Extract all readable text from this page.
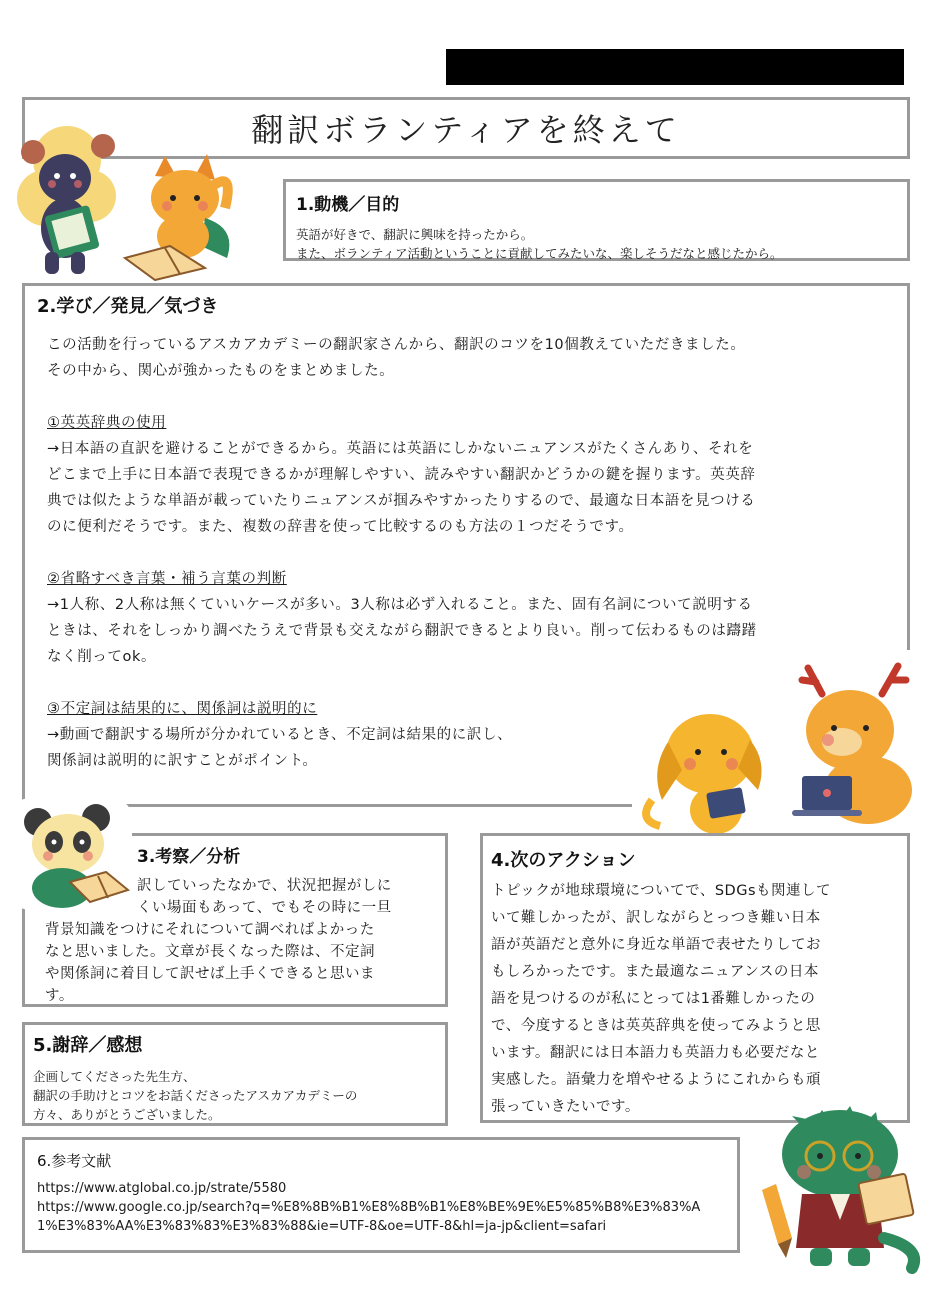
翻訳ボランティアを終えて
1.動機／目的
英語が好きで、翻訳に興味を持ったから。
また、ボランティア活動ということに貢献してみたいな、楽しそうだなと感じたから。
2.学び／発見／気づき

この活動を行っているアスカアカデミーの翻訳家さんから、翻訳のコツを10個教えていただきました。

その中から、関心が強かったものをまとめました。

①英英辞典の使用

→日本語の直訳を避けることができるから。英語には英語にしかないニュアンスがたくさんあり、それを

どこまで上手に日本語で表現できるかが理解しやすい、読みやすい翻訳かどうかの鍵を握ります。英英辞

典では似たような単語が載っていたりニュアンスが掴みやすかったりするので、最適な日本語を見つける

のに便利だそうです。また、複数の辞書を使って比較するのも方法の１つだそうです。

②省略すべき言葉・補う言葉の判断

→1人称、2人称は無くていいケースが多い。3人称は必ず入れること。また、固有名詞について説明する

ときは、それをしっかり調べたうえで背景も交えながら翻訳できるとより良い。削って伝わるものは躊躇

なく削ってok。

③不定詞は結果的に、関係詞は説明的に

→動画で翻訳する場所が分かれているとき、不定詞は結果的に訳し、

関係詞は説明的に訳すことがポイント。

3.考察／分析
訳していったなかで、状況把握がしに
くい場面もあって、でもその時に一旦
背景知識をつけにそれについて調べればよかった
なと思いました。文章が長くなった際は、不定詞
や関係詞に着目して訳せば上手くできると思いま
す。
4.次のアクション
トピックが地球環境についてで、SDGsも関連して
いて難しかったが、訳しながらとっつき難い日本
語が英語だと意外に身近な単語で表せたりしてお
もしろかったです。また最適なニュアンスの日本
語を見つけるのが私にとっては1番難しかったの
で、今度するときは英英辞典を使ってみようと思
います。翻訳には日本語力も英語力も必要だなと
実感した。語彙力を増やせるようにこれからも頑
張っていきたいです。
5.謝辞／感想
企画してくださった先生方、
翻訳の手助けとコツをお話くださったアスカアカデミーの
方々、ありがとうございました。
6.参考文献
https://www.atglobal.co.jp/strate/5580
https://www.google.co.jp/search?q=%E8%8B%B1%E8%8B%B1%E8%BE%9E%E5%85%B8%E3%83%A1%E3%83%AA%E3%83%83%E3%83%88&ie=UTF-8&oe=UTF-8&hl=ja-jp&client=safari
